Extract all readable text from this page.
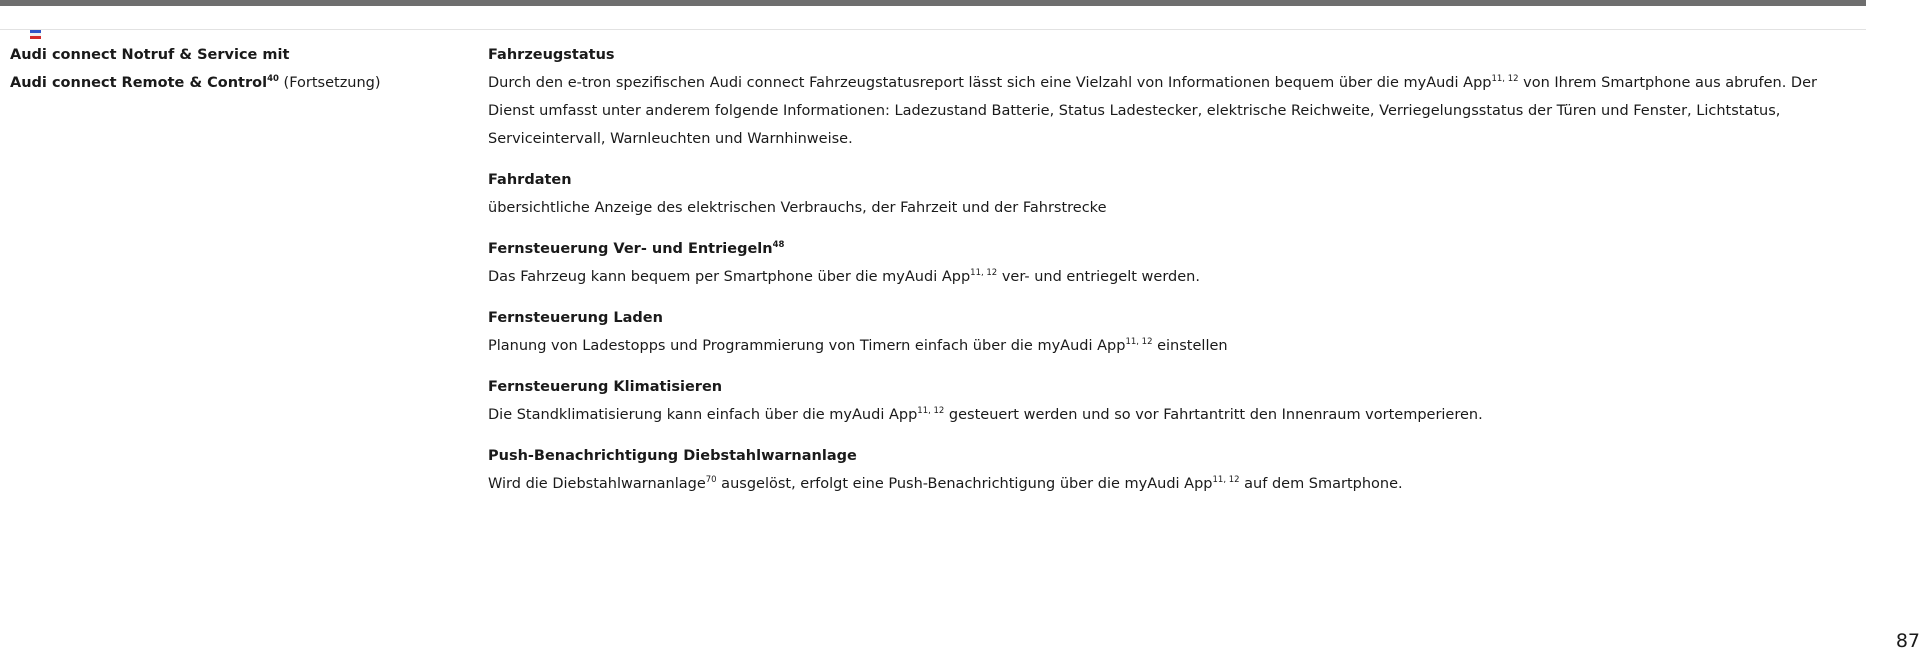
Audi connect Notruf & Service mit
Audi connect Remote & Control$^{40}$ (Fortsetzung)
Fahrzeugstatus
Durch den e-tron spezifischen Audi connect Fahrzeugstatusreport lässt sich eine Vielzahl von Informationen bequem über die myAudi App$^{11, 12}$ von Ihrem Smartphone aus abrufen. Der
Dienst umfasst unter anderem folgende Informationen: Ladezustand Batterie, Status Ladestecker, elektrische Reichweite, Verriegelungsstatus der Türen und Fenster, Lichtstatus,
Serviceintervall, Warnleuchten und Warnhinweise.
Fahrdaten
übersichtliche Anzeige des elektrischen Verbrauchs, der Fahrzeit und der Fahrstrecke
Fernsteuerung Ver- und Entriegeln$^{48}$
Das Fahrzeug kann bequem per Smartphone über die myAudi App$^{11, 12}$ ver- und entriegelt werden.
Fernsteuerung Laden
Planung von Ladestopps und Programmierung von Timern einfach über die myAudi App$^{11, 12}$ einstellen
Fernsteuerung Klimatisieren
Die Standklimatisierung kann einfach über die myAudi App$^{11, 12}$ gesteuert werden und so vor Fahrtantritt den Innenraum vortemperieren.
Push-Benachrichtigung Diebstahlwarnanlage
Wird die Diebstahlwarnanlage$^{70}$ ausgelöst, erfolgt eine Push-Benachrichtigung über die myAudi App$^{11, 12}$ auf dem Smartphone.
87
